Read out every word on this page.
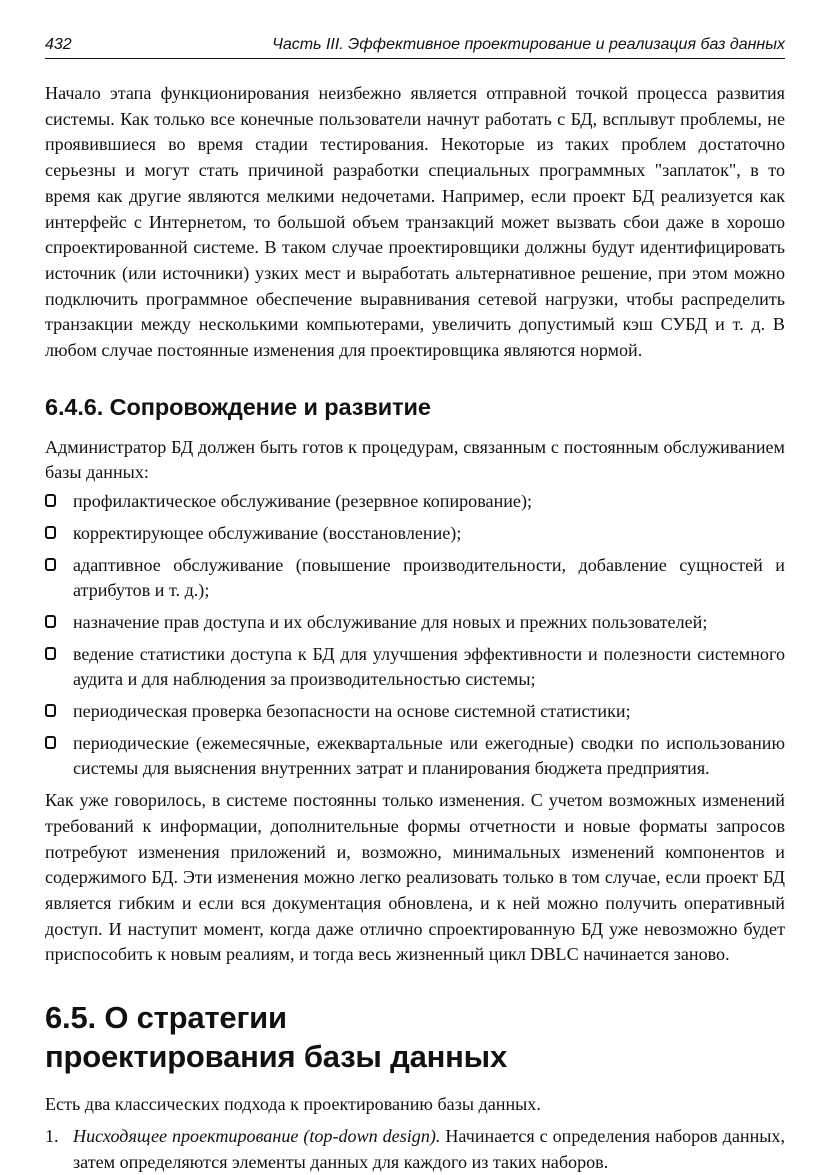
432	Часть III. Эффективное проектирование и реализация баз данных

Начало этапа функционирования неизбежно является отправной точкой процесса развития системы. Как только все конечные пользователи начнут работать с БД, всплывут проблемы, не проявившиеся во время стадии тестирования. Некоторые из таких проблем достаточно серьезны и могут стать причиной разработки специальных программных "заплаток", в то время как другие являются мелкими недочетами. Например, если проект БД реализуется как интерфейс с Интернетом, то большой объем транзакций может вызвать сбои даже в хорошо спроектированной системе. В таком случае проектировщики должны будут идентифицировать источник (или источники) узких мест и выработать альтернативное решение, при этом можно подключить программное обеспечение выравнивания сетевой нагрузки, чтобы распределить транзакции между несколькими компьютерами, увеличить допустимый кэш СУБД и т. д. В любом случае постоянные изменения для проектировщика являются нормой.

6.4.6. Сопровождение и развитие

Администратор БД должен быть готов к процедурам, связанным с постоянным обслуживанием базы данных:

профилактическое обслуживание (резервное копирование);
корректирующее обслуживание (восстановление);
адаптивное обслуживание (повышение производительности, добавление сущностей и атрибутов и т. д.);
назначение прав доступа и их обслуживание для новых и прежних пользователей;
ведение статистики доступа к БД для улучшения эффективности и полезности системного аудита и для наблюдения за производительностью системы;
периодическая проверка безопасности на основе системной статистики;
периодические (ежемесячные, ежеквартальные или ежегодные) сводки по использованию системы для выяснения внутренних затрат и планирования бюджета предприятия.

Как уже говорилось, в системе постоянны только изменения. С учетом возможных изменений требований к информации, дополнительные формы отчетности и новые форматы запросов потребуют изменения приложений и, возможно, минимальных изменений компонентов и содержимого БД. Эти изменения можно легко реализовать только в том случае, если проект БД является гибким и если вся документация обновлена, и к ней можно получить оперативный доступ. И наступит момент, когда даже отлично спроектированную БД уже невозможно будет приспособить к новым реалиям, и тогда весь жизненный цикл DBLC начинается заново.

6.5. О стратегии
проектирования базы данных

Есть два классических подхода к проектированию базы данных.

1. Нисходящее проектирование (top-down design). Начинается с определения наборов данных, затем определяются элементы данных для каждого из таких наборов.
